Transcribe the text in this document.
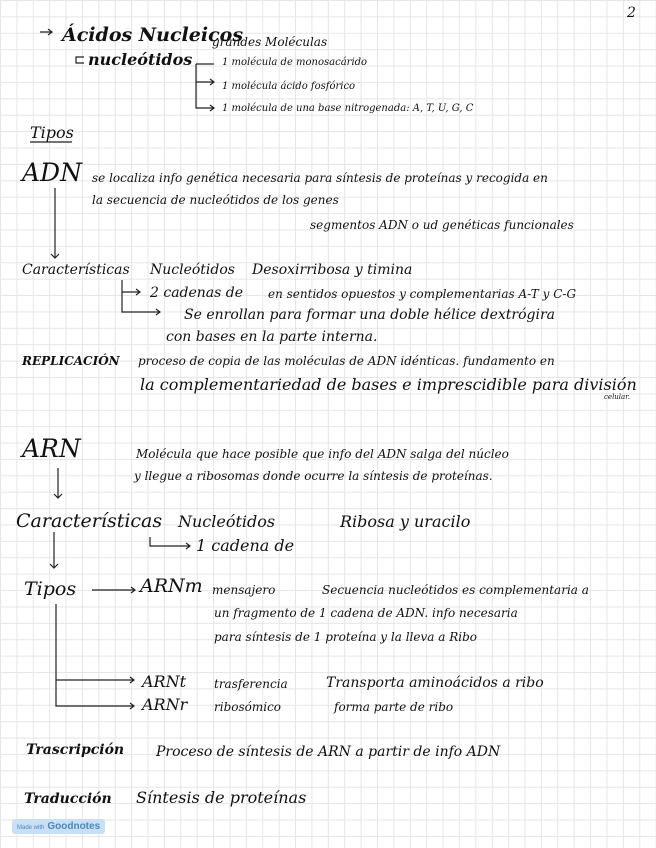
2
Ácidos Nucleicos
grandes Moléculas
nucleótidos	1 molécula de monosacárido
1 molécula ácido fosfórico
1 molécula de una base nitrogenada: A, T, U, G, C
Tipos
ADN se localiza info genética necesaria para síntesis de proteínas y recogida en
la secuencia de nucleótidos de los genes
segmentos ADN o ud genéticas funcionales
Características Nucleótidos Desoxirribosa y timina
2 cadenas de en sentidos opuestos y complementarias A-T y C-G
Se enrollan para formar una doble hélice dextrógira
con bases en la parte interna.
REPLICACIÓN proceso de copia de las moléculas de ADN idénticas. fundamento en
la complementariedad de bases e imprescidible para división
celular.
ARN	Molécula que hace posible que info del ADN salga del núcleo
y llegue a ribosomas donde ocurre la síntesis de proteínas.
Características Nucleótidos	Ribosa y uracilo
1 cadena de
Tipos	ARNm mensajero	Secuencia nucleótidos es complementaria a
un fragmento de 1 cadena de ADN. info necesaria
para síntesis de 1 proteína y la lleva a Ribo
ARNt trasferencia	Transporta aminoácidos a ribo
ARNr ribosómico	forma parte de ribo
Trascripción Proceso de síntesis de ARN a partir de info ADN
Traducción Síntesis de proteínas
Made with Goodnotes
